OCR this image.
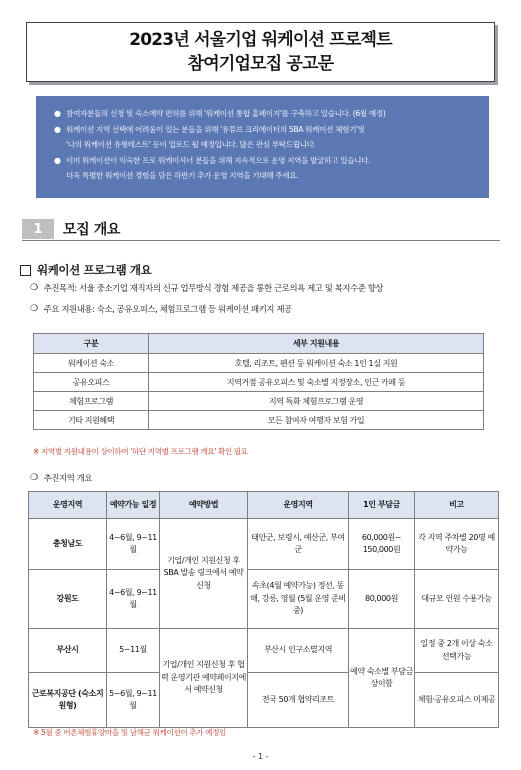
2023년 서울기업 워케이션 프로젝트
참여기업모집 공고문
● 참여자분들의 신청 및 숙소예약 편의를 위해 '워케이션 통합 홈페이지'를 구축하고 있습니다. (6월 예정)
● 워케이션 지역 선택에 어려움이 있는 분들을 위해 '유튜브 크리에이터의 SBA 워케이션 체험기'및
'나의 워케이션 유형테스트' 등이 업로드 될 예정입니다. 많은 관심 부탁드립니다.
● 이미 워케이션이 익숙한 프로 워케이셔너 분들을 위해 지속적으로 운영 지역을 발굴하고 있습니다.
더욱 특별한 워케이션 경험을 담은 하반기 추가 운영 지역을 기대해 주세요.
1	모집 개요
워케이션 프로그램 개요
❍ 추진목적: 서울 중소기업 재직자의 신규 업무방식 경험 제공을 통한 근로의욕 제고 및 복지수준 향상
❍ 주요 지원내용: 숙소, 공유오피스, 체험프로그램 등 워케이션 패키지 제공
구분	세부 지원내용
워케이션 숙소	호텔, 리조트, 펜션 등 워케이션 숙소 1인 1실 지원
공유오피스	지역거점 공유오피스 및 숙소별 지정장소, 인근 카페 등
체험프로그램	지역 특화 체험프로그램 운영
기타 지원혜택	모든 참여자 여행자 보험 가입
※ 지역별 지원내용이 상이하여 '하단 지역별 프로그램 개요' 확인 필요
❍ 추진지역 개요
운영지역	예약가능 일정	예약방법	운영지역	1인 부담금	비고
충청남도	4~6월, 9~11월	기업/개인 지원신청 후 SBA 발송 링크에서 예약신청	태안군, 보령시, 예산군, 부여군	60,000원~ 150,000원	각 지역 주차별 20명 예약가능
강원도	4~6월, 9~11월		속초(4월 예약가능) 정선, 동해, 강릉, 영월 (5월 운영 준비중)	80,000원	대규모 인원 수용가능
부산시	5~11월	기업/개인 지원신청 후 협력 운영기관 예약페이지에서 예약신청	부산시 인구소멸지역	예약 숙소별 부담금 상이함	일정 중 2개 이상 숙소 선택가능
근로복지공단 (숙소지원형)	5~6월, 9~11월		전국 50개 협약리조트		체험·공유오피스 미제공
※ 5월 중 어촌체험휴양마을 및 남해군 워케이션이 추가 예정임
- 1 -
